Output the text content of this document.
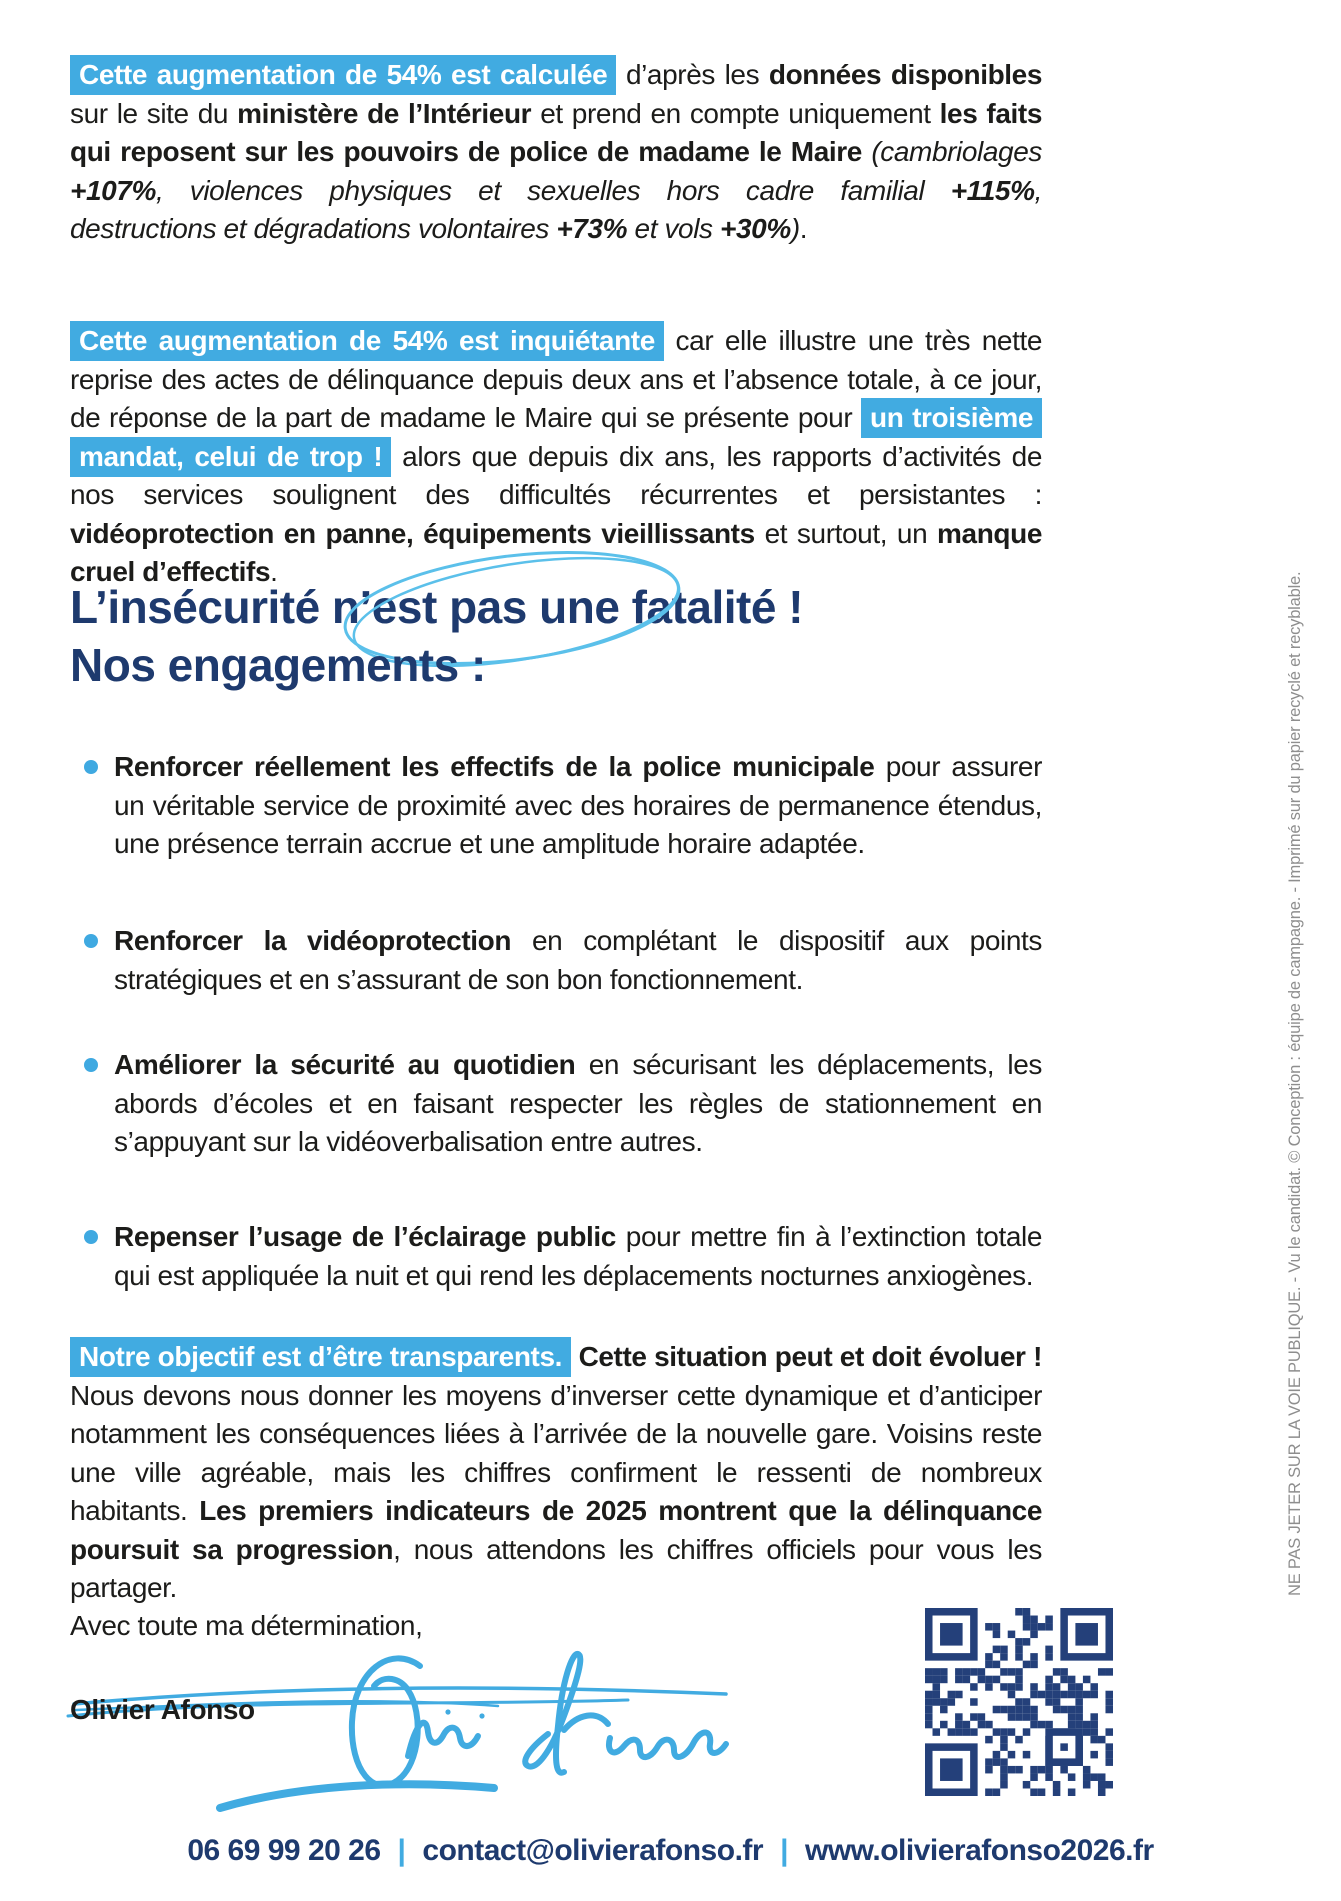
Cette augmentation de 54% est calculée d’après les données disponibles sur le site du ministère de l’Intérieur et prend en compte uniquement les faits qui reposent sur les pouvoirs de police de madame le Maire (cambriolages +107%, violences physiques et sexuelles hors cadre familial +115%, destructions et dégradations volontaires +73% et vols +30%).

Cette augmentation de 54% est inquiétante car elle illustre une très nette reprise des actes de délinquance depuis deux ans et l’absence totale, à ce jour, de réponse de la part de madame le Maire qui se présente pour un troisième mandat, celui de trop ! alors que depuis dix ans, les rapports d’activités de nos services soulignent des difficultés récurrentes et persistantes : vidéoprotection en panne, équipements vieillissants et surtout, un manque cruel d’effectifs.

L’insécurité n’est pas une fatalité !
Nos engagements :
Renforcer réellement les effectifs de la police municipale pour assurer un véritable service de proximité avec des horaires de permanence étendus, une présence terrain accrue et une amplitude horaire adaptée.
Renforcer la vidéoprotection en complétant le dispositif aux points stratégiques et en s’assurant de son bon fonctionnement.
Améliorer la sécurité au quotidien en sécurisant les déplacements, les abords d’écoles et en faisant respecter les règles de stationnement en s’appuyant sur la vidéoverbalisation entre autres.
Repenser l’usage de l’éclairage public pour mettre fin à l’extinction totale qui est appliquée la nuit et qui rend les déplacements nocturnes anxiogènes.

Notre objectif est d’être transparents. Cette situation peut et doit évoluer ! Nous devons nous donner les moyens d’inverser cette dynamique et d’anticiper notamment les conséquences liées à l’arrivée de la nouvelle gare. Voisins reste une ville agréable, mais les chiffres confirment le ressenti de nombreux habitants. Les premiers indicateurs de 2025 montrent que la délinquance poursuit sa progression, nous attendons les chiffres officiels pour vous les partager.

Avec toute ma détermination,

Olivier Afonso

06 69 99 20 26 | contact@olivierafonso.fr | www.olivierafonso2026.fr
NE PAS JETER SUR LA VOIE PUBLIQUE. - Vu le candidat. © Conception : équipe de campagne. - Imprimé sur du papier recyclé et recyblable.
